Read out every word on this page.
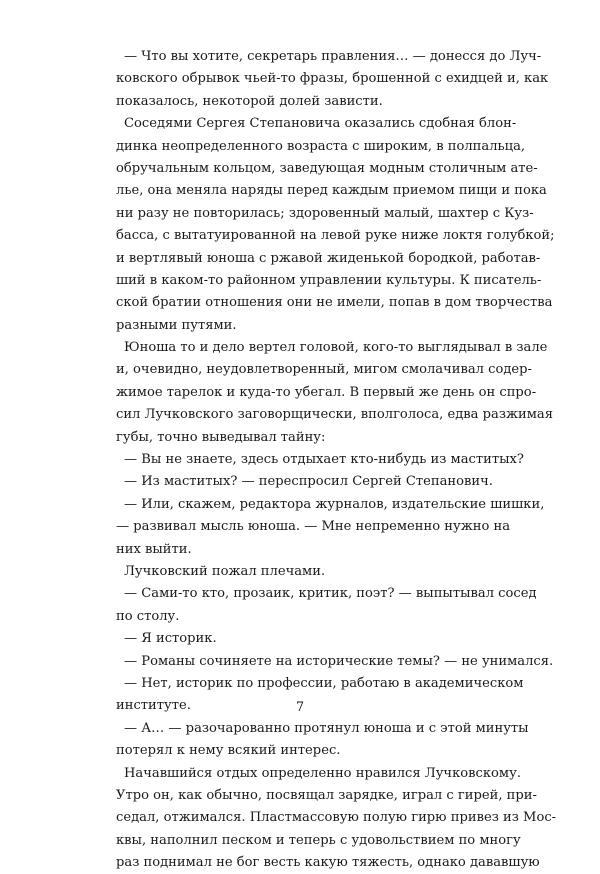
— Что вы хотите, секретарь правления… — донесся до Луч-
ковского обрывок чьей-то фразы, брошенной с ехидцей и, как
показалось, некоторой долей зависти.
Соседями Сергея Степановича оказались сдобная блон-
динка неопределенного возраста с широким, в полпальца,
обручальным кольцом, заведующая модным столичным ате-
лье, она меняла наряды перед каждым приемом пищи и пока
ни разу не повторилась; здоровенный малый, шахтер с Куз-
басса, с вытатуированной на левой руке ниже локтя голубкой;
и вертлявый юноша с ржавой жиденькой бородкой, работав-
ший в каком-то районном управлении культуры. К писатель-
ской братии отношения они не имели, попав в дом творчества
разными путями.
Юноша то и дело вертел головой, кого-то выглядывал в зале
и, очевидно, неудовлетворенный, мигом смолачивал содер-
жимое тарелок и куда-то убегал. В первый же день он спро-
сил Лучковского заговорщически, вполголоса, едва разжимая
губы, точно выведывал тайну:
— Вы не знаете, здесь отдыхает кто-нибудь из маститых?
— Из маститых? — переспросил Сергей Степанович.
— Или, скажем, редактора журналов, издательские шишки,
— развивал мысль юноша. — Мне непременно нужно на
них выйти.
Лучковский пожал плечами.
— Сами-то кто, прозаик, критик, поэт? — выпытывал сосед
по столу.
— Я историк.
— Романы сочиняете на исторические темы? — не унимался.
— Нет, историк по профессии, работаю в академическом
институте.
— А… — разочарованно протянул юноша и с этой минуты
потерял к нему всякий интерес.
Начавшийся отдых определенно нравился Лучковскому.
Утро он, как обычно, посвящал зарядке, играл с гирей, при-
седал, отжимался. Пластмассовую полую гирю привез из Мос-
квы, наполнил песком и теперь с удовольствием по многу
раз поднимал не бог весть какую тяжесть, однако дававшую
7
